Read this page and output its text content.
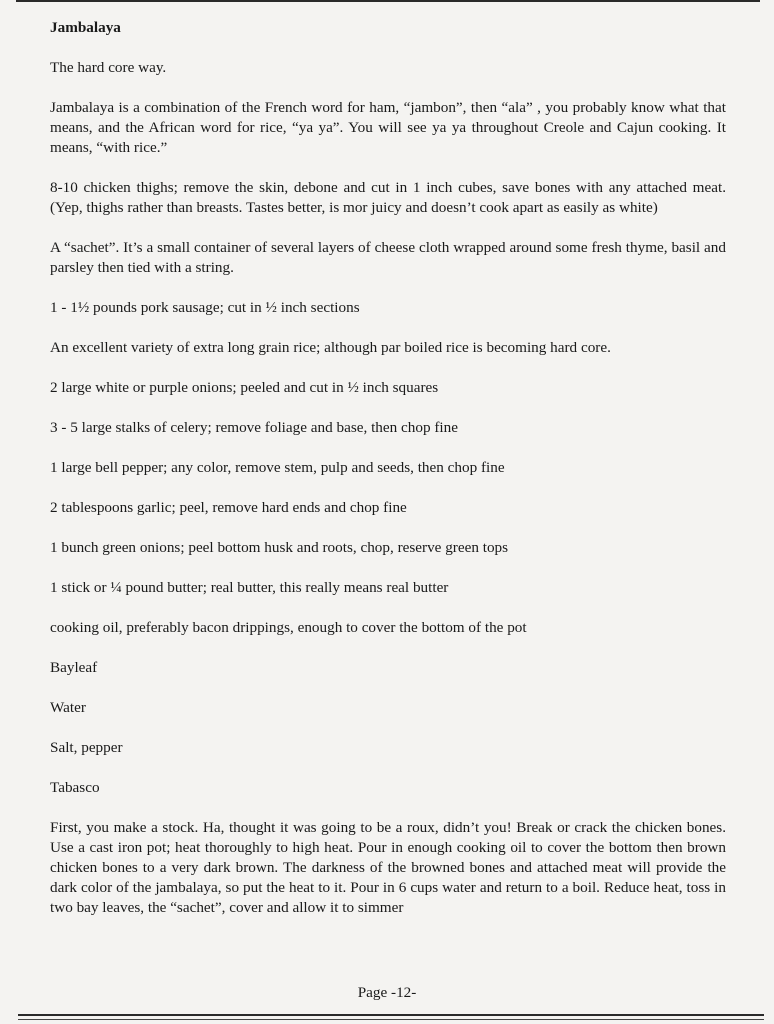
Jambalaya

The hard core way.

Jambalaya is a combination of the French word for ham, “jambon”, then “ala” , you probably know what that means, and the African word for rice, “ya ya”. You will see ya ya throughout Creole and Cajun cooking. It means, “with rice.”

8-10 chicken thighs; remove the skin, debone and cut in 1 inch cubes, save bones with any attached meat. (Yep, thighs rather than breasts. Tastes better, is mor juicy and doesn’t cook apart as easily as white)

A “sachet”. It’s a small container of several layers of cheese cloth wrapped around some fresh thyme, basil and parsley then tied with a string.

1 - 1½ pounds pork sausage; cut in ½ inch sections

An excellent variety of extra long grain rice; although par boiled rice is becoming hard core.

2 large white or purple onions; peeled and cut in ½ inch squares

3 - 5 large stalks of celery; remove foliage and base, then chop fine

1 large bell pepper; any color, remove stem, pulp and seeds, then chop fine

2 tablespoons garlic; peel, remove hard ends and chop fine

1 bunch green onions; peel bottom husk and roots, chop, reserve green tops

1 stick or ¼ pound butter; real butter, this really means real butter

cooking oil, preferably bacon drippings, enough to cover the bottom of the pot

Bayleaf

Water

Salt, pepper

Tabasco

First, you make a stock. Ha, thought it was going to be a roux, didn’t you! Break or crack the chicken bones. Use a cast iron pot; heat thoroughly to high heat. Pour in enough cooking oil to cover the bottom then brown chicken bones to a very dark brown. The darkness of the browned bones and attached meat will provide the dark color of the jambalaya, so put the heat to it. Pour in 6 cups water and return to a boil. Reduce heat, toss in two bay leaves, the “sachet”, cover and allow it to simmer

Page -12-
